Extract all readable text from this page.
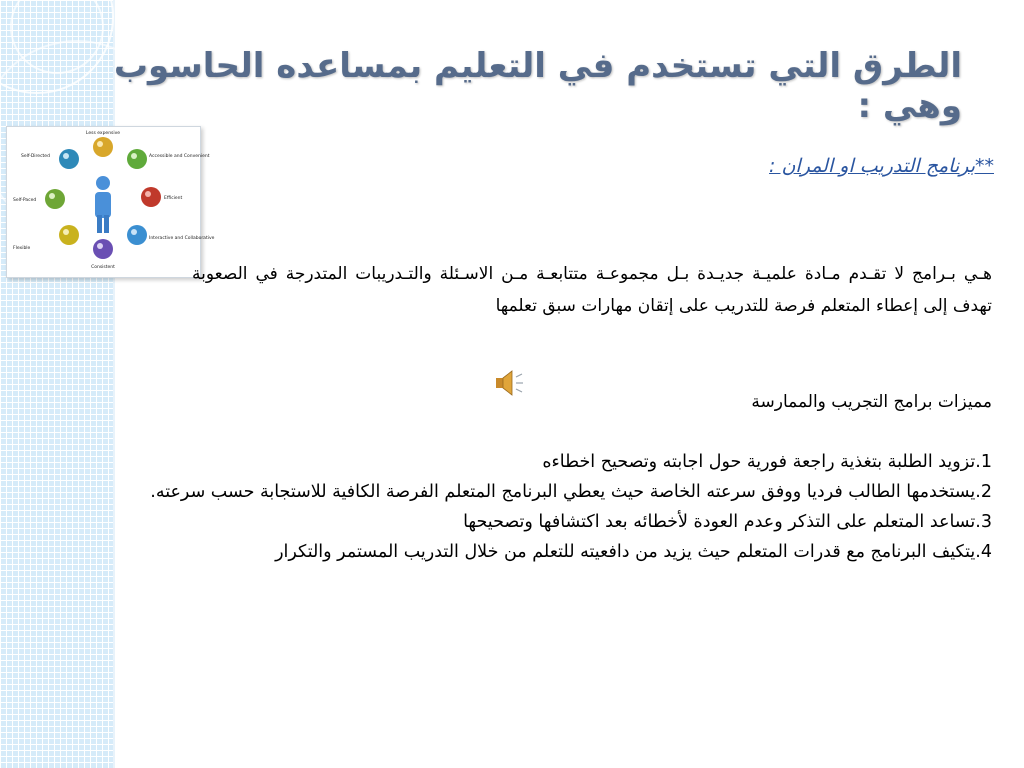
الطرق التي تستخدم في التعليم بمساعده الحاسوب وهي :
Less expensive
Accessible and Convenient
Efficient
Interactive and Collaborative
Consistent
Flexible
Self-Paced
Self-Directed	**برنامج التدريب او المران :
هـي بـرامج لا تقـدم مـادة علميـة جديـدة بـل مجموعـة متتابعـة مـن الاسـئلة والتـدريبات المتدرجة في الصعوبة تهدف إلى إعطاء المتعلم فرصة للتدريب على إتقان مهارات سبق تعلمها
مميزات برامج التجريب والممارسة
1.تزويد الطلبة بتغذية راجعة فورية حول اجابته وتصحيح اخطاءه
2.يستخدمها الطالب فرديا ووفق سرعته الخاصة حيث يعطي البرنامج المتعلم الفرصة الكافية للاستجابة حسب سرعته.
3.تساعد المتعلم على التذكر وعدم العودة لأخطائه بعد اكتشافها وتصحيحها
4.يتكيف البرنامج مع قدرات المتعلم حيث يزيد من دافعيته للتعلم من خلال التدريب المستمر والتكرار
